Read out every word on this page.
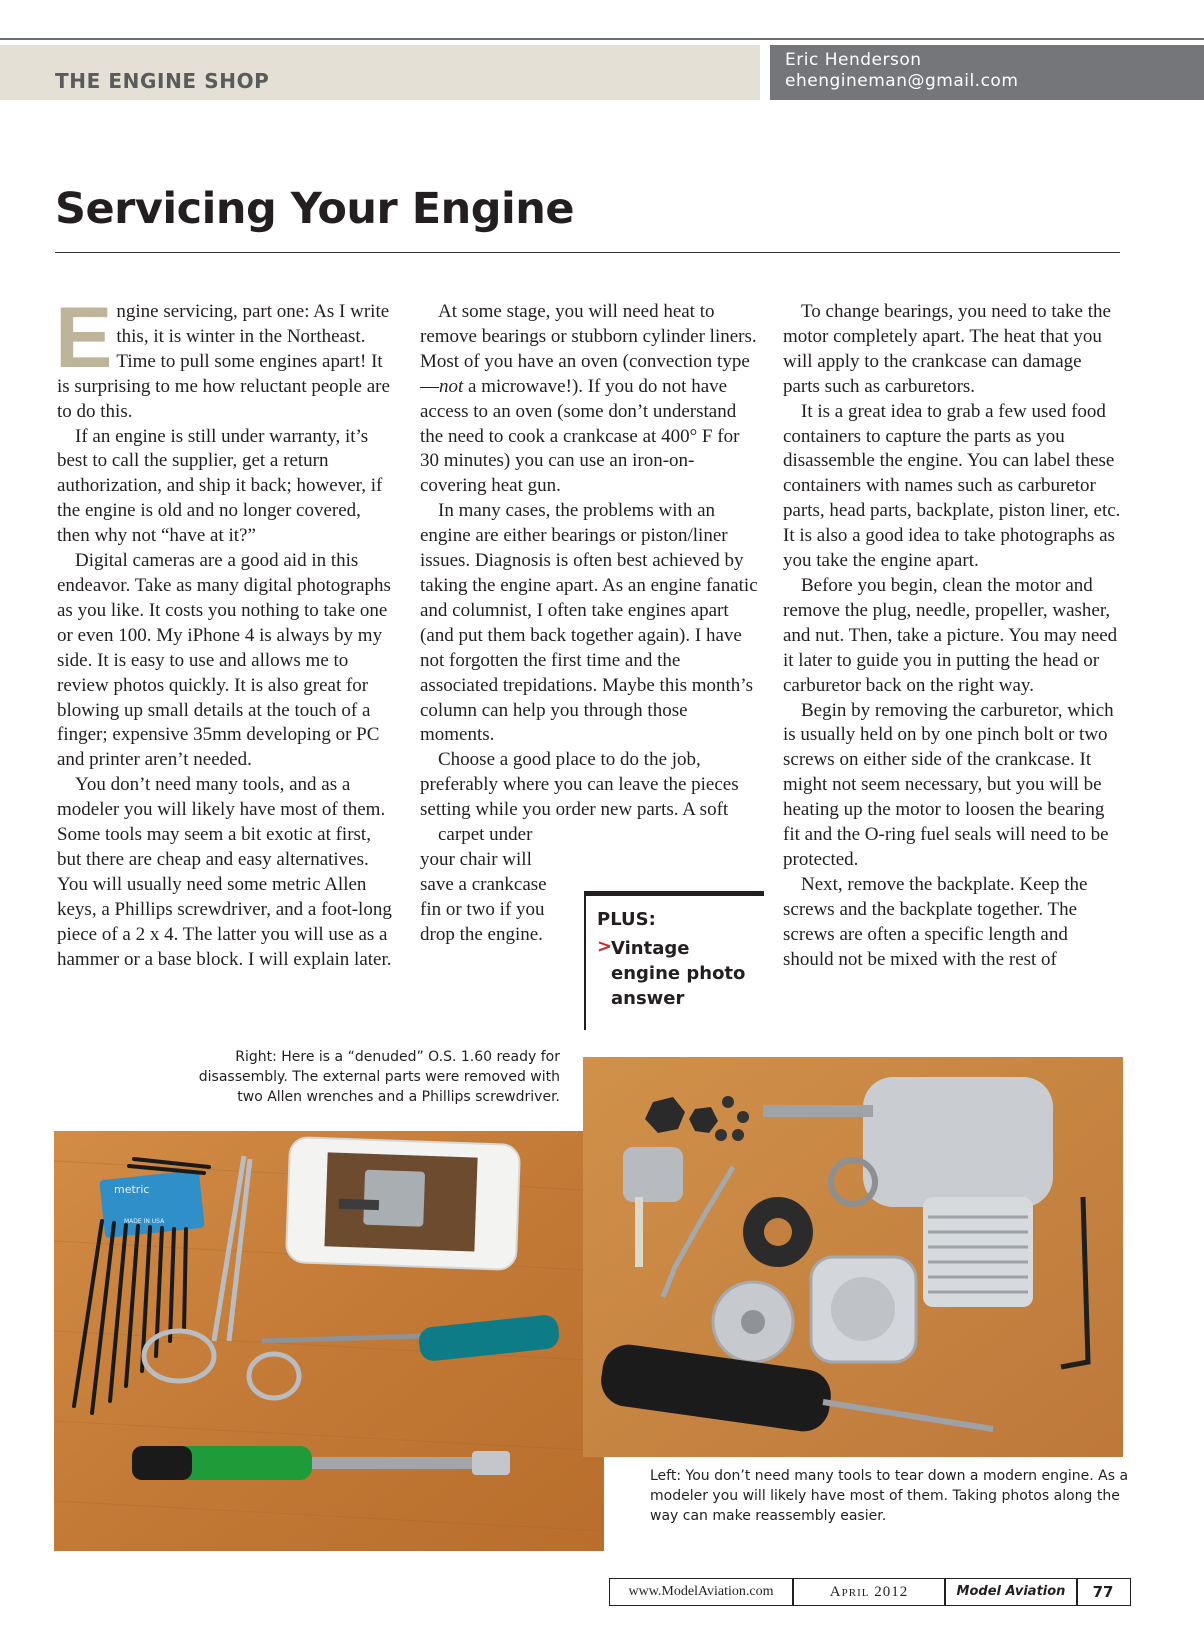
THE ENGINE SHOP
Eric Henderson
ehengineman@gmail.com
Servicing Your Engine

Engine servicing, part one: As I write this, it is winter in the Northeast. Time to pull some engines apart! It is surprising to me how reluctant people are to do this.

If an engine is still under warranty, it’s best to call the supplier, get a return authorization, and ship it back; however, if the engine is old and no longer covered, then why not “have at it?”

Digital cameras are a good aid in this endeavor. Take as many digital photographs as you like. It costs you nothing to take one or even 100. My iPhone 4 is always by my side. It is easy to use and allows me to review photos quickly. It is also great for blowing up small details at the touch of a finger; expensive 35mm developing or PC and printer aren’t needed.

You don’t need many tools, and as a modeler you will likely have most of them. Some tools may seem a bit exotic at first, but there are cheap and easy alternatives. You will usually need some metric Allen keys, a Phillips screwdriver, and a foot-long piece of a 2 x 4. The latter you will use as a hammer or a base block. I will explain later.

At some stage, you will need heat to remove bearings or stubborn cylinder liners. Most of you have an oven (convection type—not a microwave!). If you do not have access to an oven (some don’t understand the need to cook a crankcase at 400° F for 30 minutes) you can use an iron-on-covering heat gun.

In many cases, the problems with an engine are either bearings or piston/liner issues. Diagnosis is often best achieved by taking the engine apart. As an engine fanatic and columnist, I often take engines apart (and put them back together again). I have not forgotten the first time and the associated trepidations. Maybe this month’s column can help you through those moments.

Choose a good place to do the job, preferably where you can leave the pieces setting while you order new parts. A soft
carpet under your chair will save a crankcase fin or two if you drop the engine.

PLUS:
>
Vintage engine photo answer

To change bearings, you need to take the motor completely apart. The heat that you will apply to the crankcase can damage parts such as carburetors.

It is a great idea to grab a few used food containers to capture the parts as you disassemble the engine. You can label these containers with names such as carburetor parts, head parts, backplate, piston liner, etc. It is also a good idea to take photographs as you take the engine apart.

Before you begin, clean the motor and remove the plug, needle, propeller, washer, and nut. Then, take a picture. You may need it later to guide you in putting the head or carburetor back on the right way.

Begin by removing the carburetor, which is usually held on by one pinch bolt or two screws on either side of the crankcase. It might not seem necessary, but you will be heating up the motor to loosen the bearing fit and the O-ring fuel seals will need to be protected.

Next, remove the backplate. Keep the screws and the backplate together. The screws are often a specific length and should not be mixed with the rest of

Right: Here is a “denuded” O.S. 1.60 ready for disassembly. The external parts were removed with two Allen wrenches and a Phillips screwdriver.
metric
MADE IN USA
Left: You don’t need many tools to tear down a modern engine. As a modeler you will likely have most of them. Taking photos along the way can make reassembly easier.
www.ModelAviation.com	April 2012	Model Aviation	77
